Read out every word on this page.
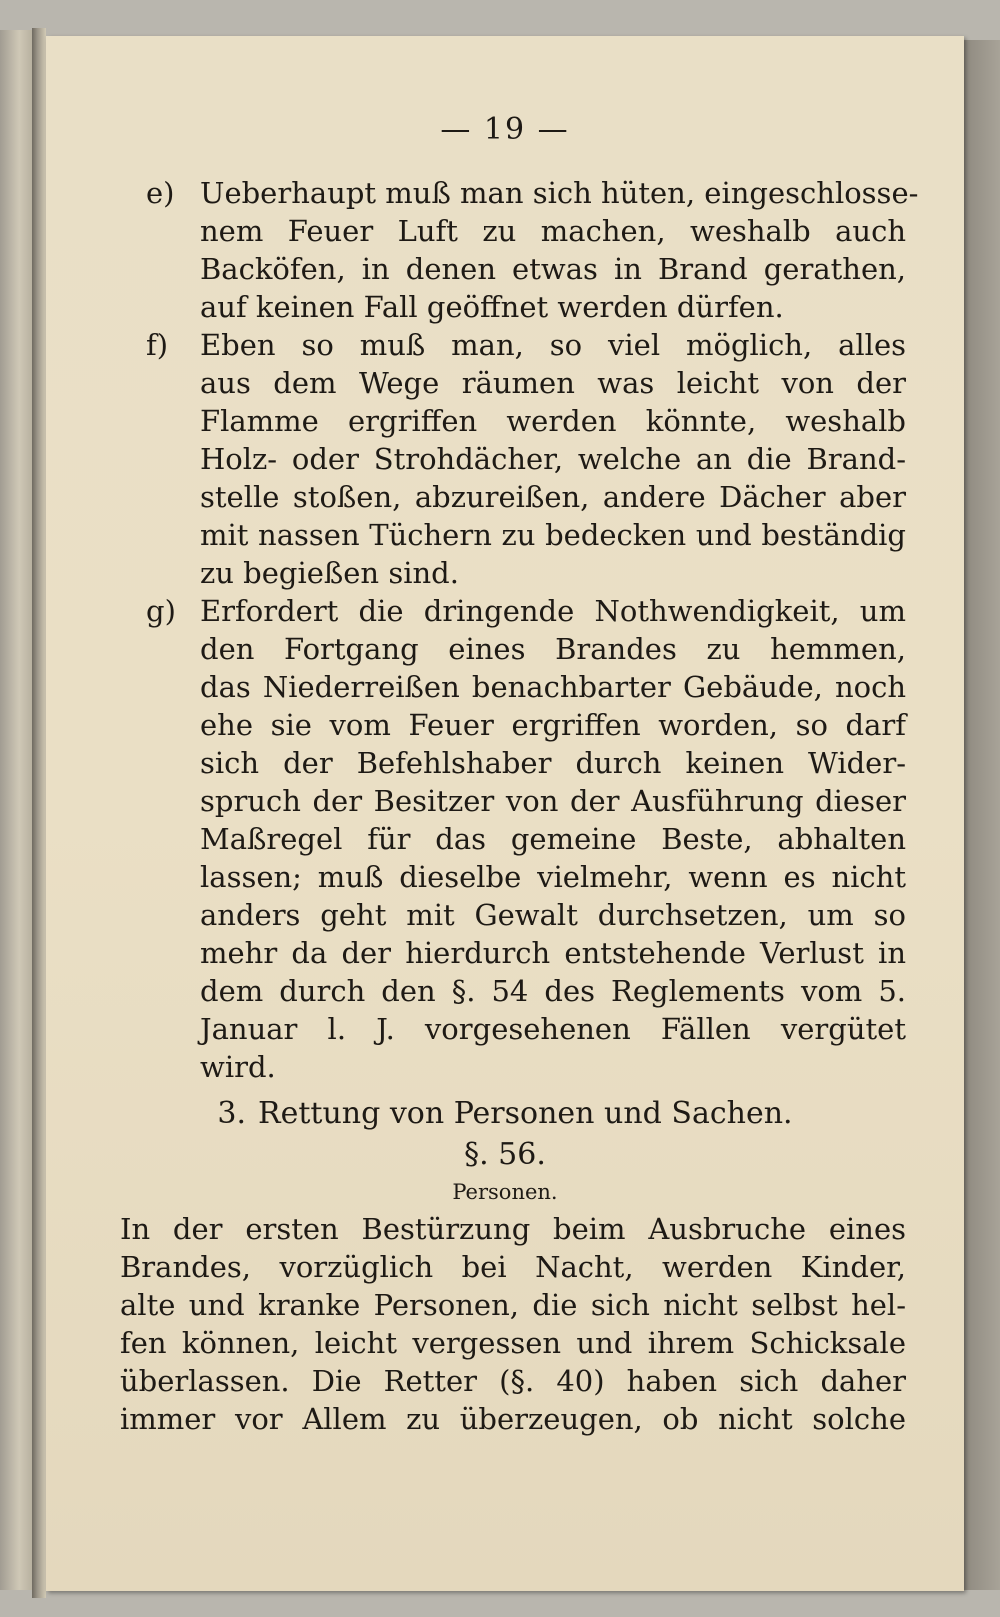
— 19 —
e) Ueberhaupt muß man sich hüten, eingeschlosse-
nem Feuer Luft zu machen, weshalb auch
Backöfen, in denen etwas in Brand gerathen,
auf keinen Fall geöffnet werden dürfen.
f) Eben so muß man, so viel möglich, alles
aus dem Wege räumen was leicht von der
Flamme ergriffen werden könnte, weshalb
Holz- oder Strohdächer, welche an die Brand-
stelle stoßen, abzureißen, andere Dächer aber
mit nassen Tüchern zu bedecken und beständig
zu begießen sind.
g) Erfordert die dringende Nothwendigkeit, um
den Fortgang eines Brandes zu hemmen,
das Niederreißen benachbarter Gebäude, noch
ehe sie vom Feuer ergriffen worden, so darf
sich der Befehlshaber durch keinen Wider-
spruch der Besitzer von der Ausführung dieser
Maßregel für das gemeine Beste, abhalten
lassen; muß dieselbe vielmehr, wenn es nicht
anders geht mit Gewalt durchsetzen, um so
mehr da der hierdurch entstehende Verlust in
dem durch den §. 54 des Reglements vom 5.
Januar l. J. vorgesehenen Fällen vergütet
wird.
3. Rettung von Personen und Sachen.
§. 56.
Personen.
In der ersten Bestürzung beim Ausbruche eines
Brandes, vorzüglich bei Nacht, werden Kinder,
alte und kranke Personen, die sich nicht selbst hel-
fen können, leicht vergessen und ihrem Schicksale
überlassen. Die Retter (§. 40) haben sich daher
immer vor Allem zu überzeugen, ob nicht solche
